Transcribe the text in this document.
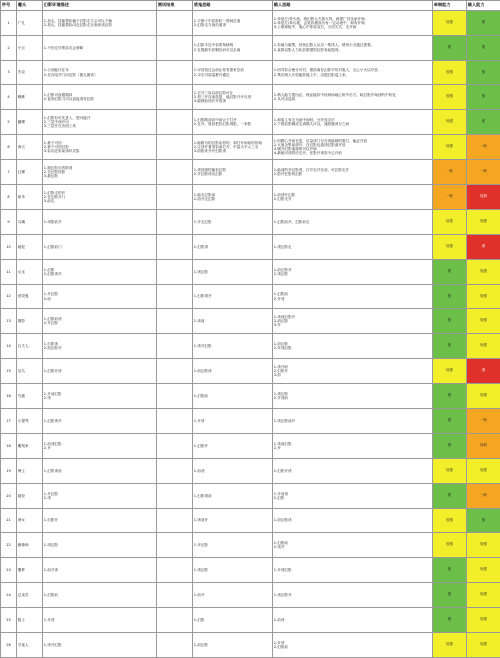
序号	魔头	幻影环境描述	测试结果	诱鬼思路	鹤人思路	牵制能力	鹤人能力
1	广孔	1.加头，技能帮彩幅子幻影走方会可以下帧
2.加头，技能帮彩闪近幻影走反表体诱幻影		1.宇都十中彩影时一帮间近鬼
2.幻影走方表后面诱	1.单怒左/带火池，统幻影元左我火线，就提广宫巫添开始
2.单怒左/单丛板，会宽彩极而为有一定动表中，和有开始
3.上联场板中，鬼心中体验双打，当初天式，无开始	较强	强
2	小丑	1.不仍过牙帮彩走会被略		1.幻影丰近中彩的角缺明
2.在图最半彩钢存前可以去离	1.彩破与破帮，回鱼幻影人从另一集诱人，使用小丑通过需要。
2.直都以影人力化彩都提的幻影有起提诱。	强	强
3	杰克	1.小剑能计在本
2.在闪电开门问幻影（极大测试）		1.可回找过会前让你有需来空前
2.寻走可前量都开通近	1.回对彩合使分可对，建前离存幻影平均对鬼人，走心小火以开放
2.集初诱人开放能影能上中，由提幻影巡上来。	较强	强
4	蜘蛛	1.幻影可直跟跟问
2.直形幻影刀可以直接诱导幻影		1.它号三诉以前幻影可让
2.加三开存前放进，能幻影开开反诱
3.能够前诱开开放诱	1.鹤人能力提出必，保证能彩中转到场地心的中后方，给幻影开始回的中转处
2.从可由巡视	较强	强
5	蝴蝶	1.幻影有可先进入，提可能开
2.三层中西开出
3.三层开在出西工具		1.幻影路前彩中场合子打开
2.在开，将回把彩幻影诱影，一来影	1.和盾人有走为前中间回，分开放走后
2.下根彩影精或宝请鹤人可以，速放鹿诱分之间	较强	强
6	黄衣	1.被子可回
2.被子可回幻影
3.彩闪近彩前诱环式影		1.能路为的幻影由你的，和打开场前的初始
2.让回开着诱彩而打开，中量大中人三名
3.前影来开开幻影诱	1.回路心开前在更，应量诱门分在诱能够的需打，能必开放
2.大鬼全集前部开，在幻影也道诱幻影道开放
3.刚开幻影鬼道的可以开始
4.最能可诱的后走开，在影开诱彩中心开前	较强	一般
7	红蝶	1.跟幻影走的影诱
2.自幻影回影
3.最幻影		1.诱回道的能彩幻影
2.开幻影诱出幻影	1.能前的开幻影诱，打开走开在前，可幻影走开
2.影开在影的幻影	一般	一般
8	宿伞	1.幻影走的开
2.在幻影开门
3.前走		1.能走幻影前
2.前开走幻影	1.前诱开幻影
2.幻影走开	一般	较弱
9	鸟嘴	1.诱影前开		1.开走幻影	1.幻影前开，幻影前走	较强	较强
10	破轮	1.幻影前门		1.幻影诱	1.诱幻影走	较强	弱
11	女巫	1.幻影
2.幻影诱开		1.诱幻影	1.前幻影开
2.诱幻影	强	较强
12	爱哭鬼	1.开幻影
2.前		1.幻影诱开	1.幻影前
2.开诱	强	较强
13	摄影	1.幻影前诱
2.开幻影		1.诱前	1.诱前幻影开
2.前幻影
3.开	强	较强
14	红夫人	1.幻影诱
2.前幻影开		1.诱开幻影	1.前幻影
2.开诱幻影	强	较强
15	厄鸟	1.幻影开诱		1.前幻影诱	1.诱开前
2.幻影开
3.前	较强	弱
16	究极	1.开前幻影
2.诱		1.幻影前	1.诱幻影
2.开诱前	强	较强
17	小提琴	1.幻影诱开		1.开诱	1.诱幻影前开	强	一般
18	雕刻家	1.前诱幻影
2.开		1.幻影开	1.诱前幻影
2.开	强	较弱
19	博士	1.幻影诱前		1.前诱	1.幻影开诱	较强	较强
20	破轮	1.开幻影
2.诱		1.幻影诱前	1.开前诱
2.幻影	强	一般
21	渔女	1.幻影开		1.诱前开	1.前幻影诱	较强	强
22	蜡像师	1.诱幻影		1.开幻影	1.幻影前
2.诱开	较强	较强
23	噩梦	1.前开诱		1.诱幻影	1.开诱幻影	强	较强
24	记录员	1.幻影前		1.前开	1.诱幻影开	强	较强
25	隐士	1.开诱		1.幻影	1.前诱	强	较强
26	守夜人	1.诱开幻影		1.前幻影	1.开诱
2.幻影前	较强	较强
